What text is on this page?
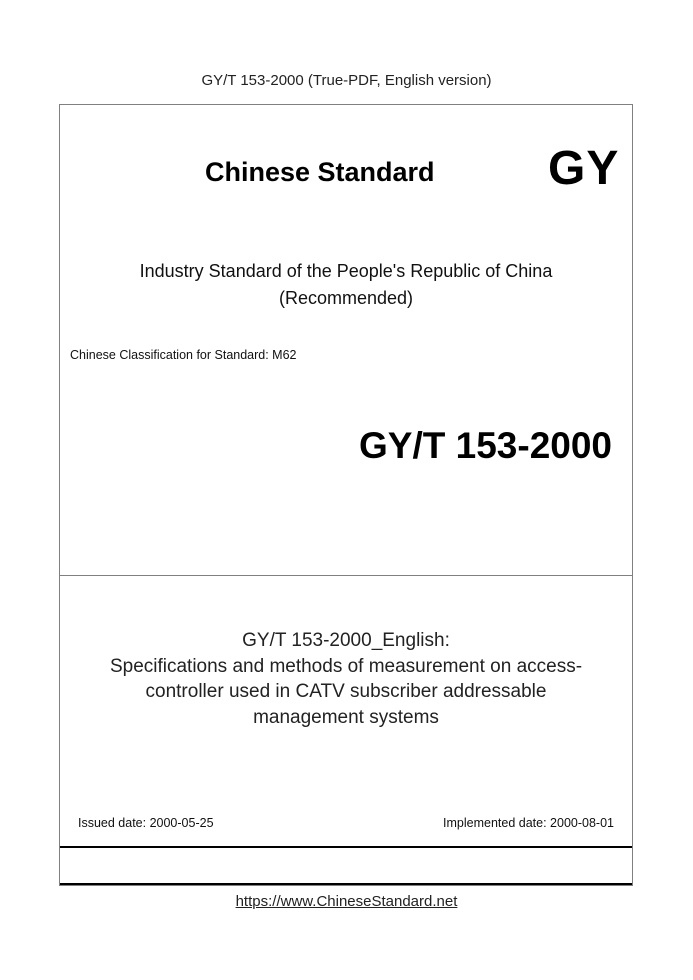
GY/T 153-2000 (True-PDF, English version)
Chinese Standard GY
Industry Standard of the People's Republic of China
(Recommended)
Chinese Classification for Standard: M62
GY/T 153-2000
GY/T 153-2000_English:
Specifications and methods of measurement on access-
controller used in CATV subscriber addressable
management systems
Issued date: 2000-05-25	Implemented date: 2000-08-01
https://www.ChineseStandard.net
